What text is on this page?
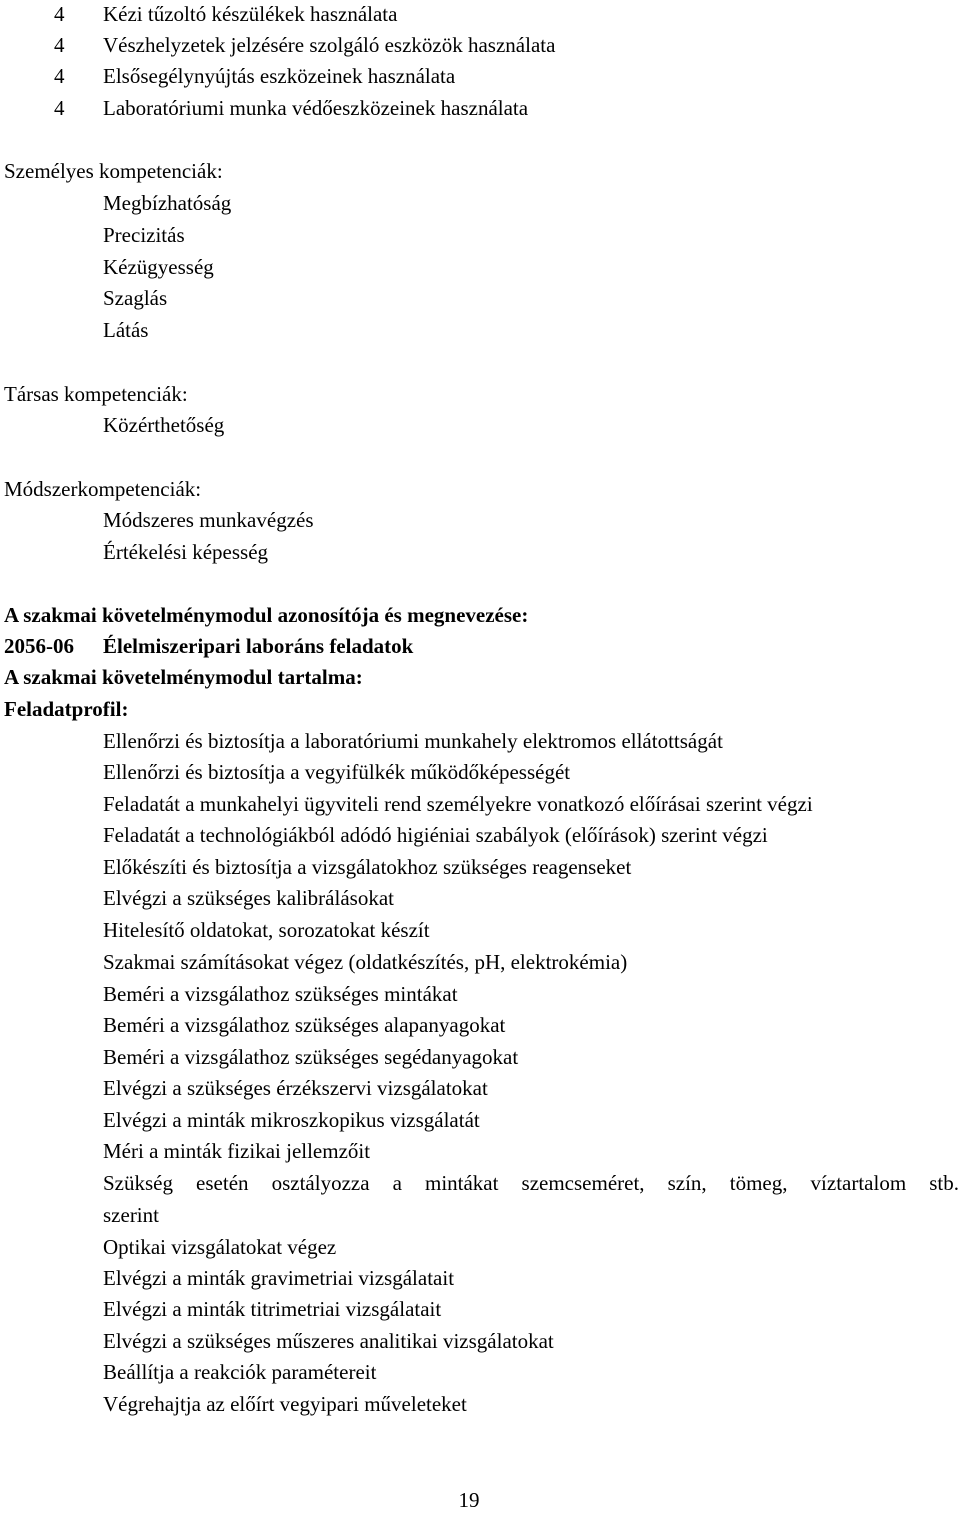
4 Kézi tűzoltó készülékek használata
4 Vészhelyzetek jelzésére szolgáló eszközök használata
4 Elsősegélynyújtás eszközeinek használata
4 Laboratóriumi munka védőeszközeinek használata
Személyes kompetenciák:
Megbízhatóság
Precizitás
Kézügyesség
Szaglás
Látás
Társas kompetenciák:
Közérthetőség
Módszerkompetenciák:
Módszeres munkavégzés
Értékelési képesség
A szakmai követelménymodul azonosítója és megnevezése:
2056-06 Élelmiszeripari laboráns feladatok
A szakmai követelménymodul tartalma:
Feladatprofil:
Ellenőrzi és biztosítja a laboratóriumi munkahely elektromos ellátottságát
Ellenőrzi és biztosítja a vegyifülkék működőképességét
Feladatát a munkahelyi ügyviteli rend személyekre vonatkozó előírásai szerint végzi
Feladatát a technológiákból adódó higiéniai szabályok (előírások) szerint végzi
Előkészíti és biztosítja a vizsgálatokhoz szükséges reagenseket
Elvégzi a szükséges kalibrálásokat
Hitelesítő oldatokat, sorozatokat készít
Szakmai számításokat végez (oldatkészítés, pH, elektrokémia)
Beméri a vizsgálathoz szükséges mintákat
Beméri a vizsgálathoz szükséges alapanyagokat
Beméri a vizsgálathoz szükséges segédanyagokat
Elvégzi a szükséges érzékszervi vizsgálatokat
Elvégzi a minták mikroszkopikus vizsgálatát
Méri a minták fizikai jellemzőit
Szükség esetén osztályozza a mintákat szemcseméret, szín, tömeg, víztartalom stb.
szerint
Optikai vizsgálatokat végez
Elvégzi a minták gravimetriai vizsgálatait
Elvégzi a minták titrimetriai vizsgálatait
Elvégzi a szükséges műszeres analitikai vizsgálatokat
Beállítja a reakciók paramétereit
Végrehajtja az előírt vegyipari műveleteket
19
